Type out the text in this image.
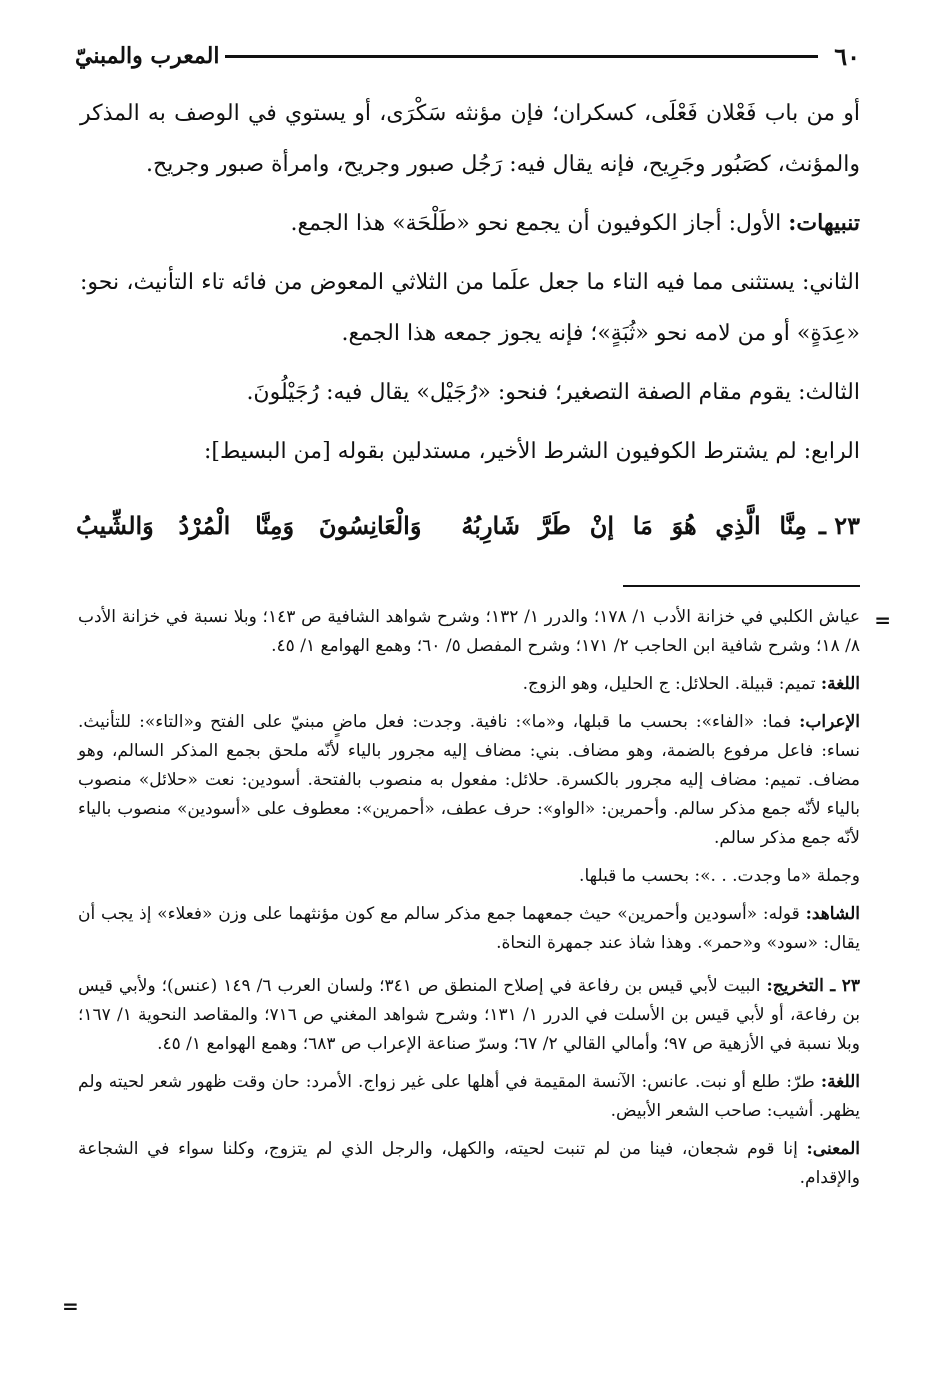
٦٠
المعرب والمبنيّ

أو من باب فَعْلان فَعْلَى، كسكران؛ فإن مؤنثه سَكْرَى، أو يستوي في الوصف به المذكر والمؤنث، كصَبُور وجَرِيح، فإنه يقال فيه: رَجُل صبور وجريح، وامرأة صبور وجريح.

تنبيهات: الأول: أجاز الكوفيون أن يجمع نحو «طَلْحَة» هذا الجمع.

الثاني: يستثنى مما فيه التاء ما جعل علَما من الثلاثي المعوض من فائه تاء التأنيث، نحو: «عِدَةٍ» أو من لامه نحو «ثُبَةٍ»؛ فإنه يجوز جمعه هذا الجمع.

الثالث: يقوم مقام الصفة التصغير؛ فنحو: «رُجَيْل» يقال فيه: رُجَيْلُونَ.

الرابع: لم يشترط الكوفيون الشرط الأخير، مستدلين بقوله [من البسيط]:

٢٣ ـ
مِنَّا الَّذِي هُوَ مَا إنْ طَرَّ شَارِبُهُ
وَالْعَانِسُونَ وَمِنَّا الْمُرْدُ وَالشِّيبُ
=

عياش الكلبي في خزانة الأدب ١/ ١٧٨؛ والدرر ١/ ١٣٢؛ وشرح شواهد الشافية ص ١٤٣؛ وبلا نسبة في خزانة الأدب ٨/ ١٨؛ وشرح شافية ابن الحاجب ٢/ ١٧١؛ وشرح المفصل ٥/ ٦٠؛ وهمع الهوامع ١/ ٤٥.

اللغة: تميم: قبيلة. الحلائل: ج الحليل، وهو الزوج.

الإعراب: فما: «الفاء»: بحسب ما قبلها، و«ما»: نافية. وجدت: فعل ماضٍ مبنيّ على الفتح و«التاء»: للتأنيث. نساء: فاعل مرفوع بالضمة، وهو مضاف. بني: مضاف إليه مجرور بالياء لأنّه ملحق بجمع المذكر السالم، وهو مضاف. تميم: مضاف إليه مجرور بالكسرة. حلائل: مفعول به منصوب بالفتحة. أسودين: نعت «حلائل» منصوب بالياء لأنّه جمع مذكر سالم. وأحمرين: «الواو»: حرف عطف، «أحمرين»: معطوف على «أسودين» منصوب بالياء لأنّه جمع مذكر سالم.

وجملة «ما وجدت. . .»: بحسب ما قبلها.

الشاهد: قوله: «أسودين وأحمرين» حيث جمعهما جمع مذكر سالم مع كون مؤنثهما على وزن «فعلاء» إذ يجب أن يقال: «سود» و«حمر». وهذا شاذ عند جمهرة النحاة.

٢٣ ـ التخريج: البيت لأبي قيس بن رفاعة في إصلاح المنطق ص ٣٤١؛ ولسان العرب ٦/ ١٤٩ (عنس)؛ ولأبي قيس بن رفاعة، أو لأبي قيس بن الأسلت في الدرر ١/ ١٣١؛ وشرح شواهد المغني ص ٧١٦؛ والمقاصد النحوية ١/ ١٦٧؛ وبلا نسبة في الأزهية ص ٩٧؛ وأمالي القالي ٢/ ٦٧؛ وسرّ صناعة الإعراب ص ٦٨٣؛ وهمع الهوامع ١/ ٤٥.

اللغة: طرّ: طلع أو نبت. عانس: الآنسة المقيمة في أهلها على غير زواج. الأمرد: حان وقت ظهور شعر لحيته ولم يظهر. أشيب: صاحب الشعر الأبيض.

المعنى: إنا قوم شجعان، فينا من لم تنبت لحيته، والكهل، والرجل الذي لم يتزوج، وكلنا سواء في الشجاعة والإقدام.

=
